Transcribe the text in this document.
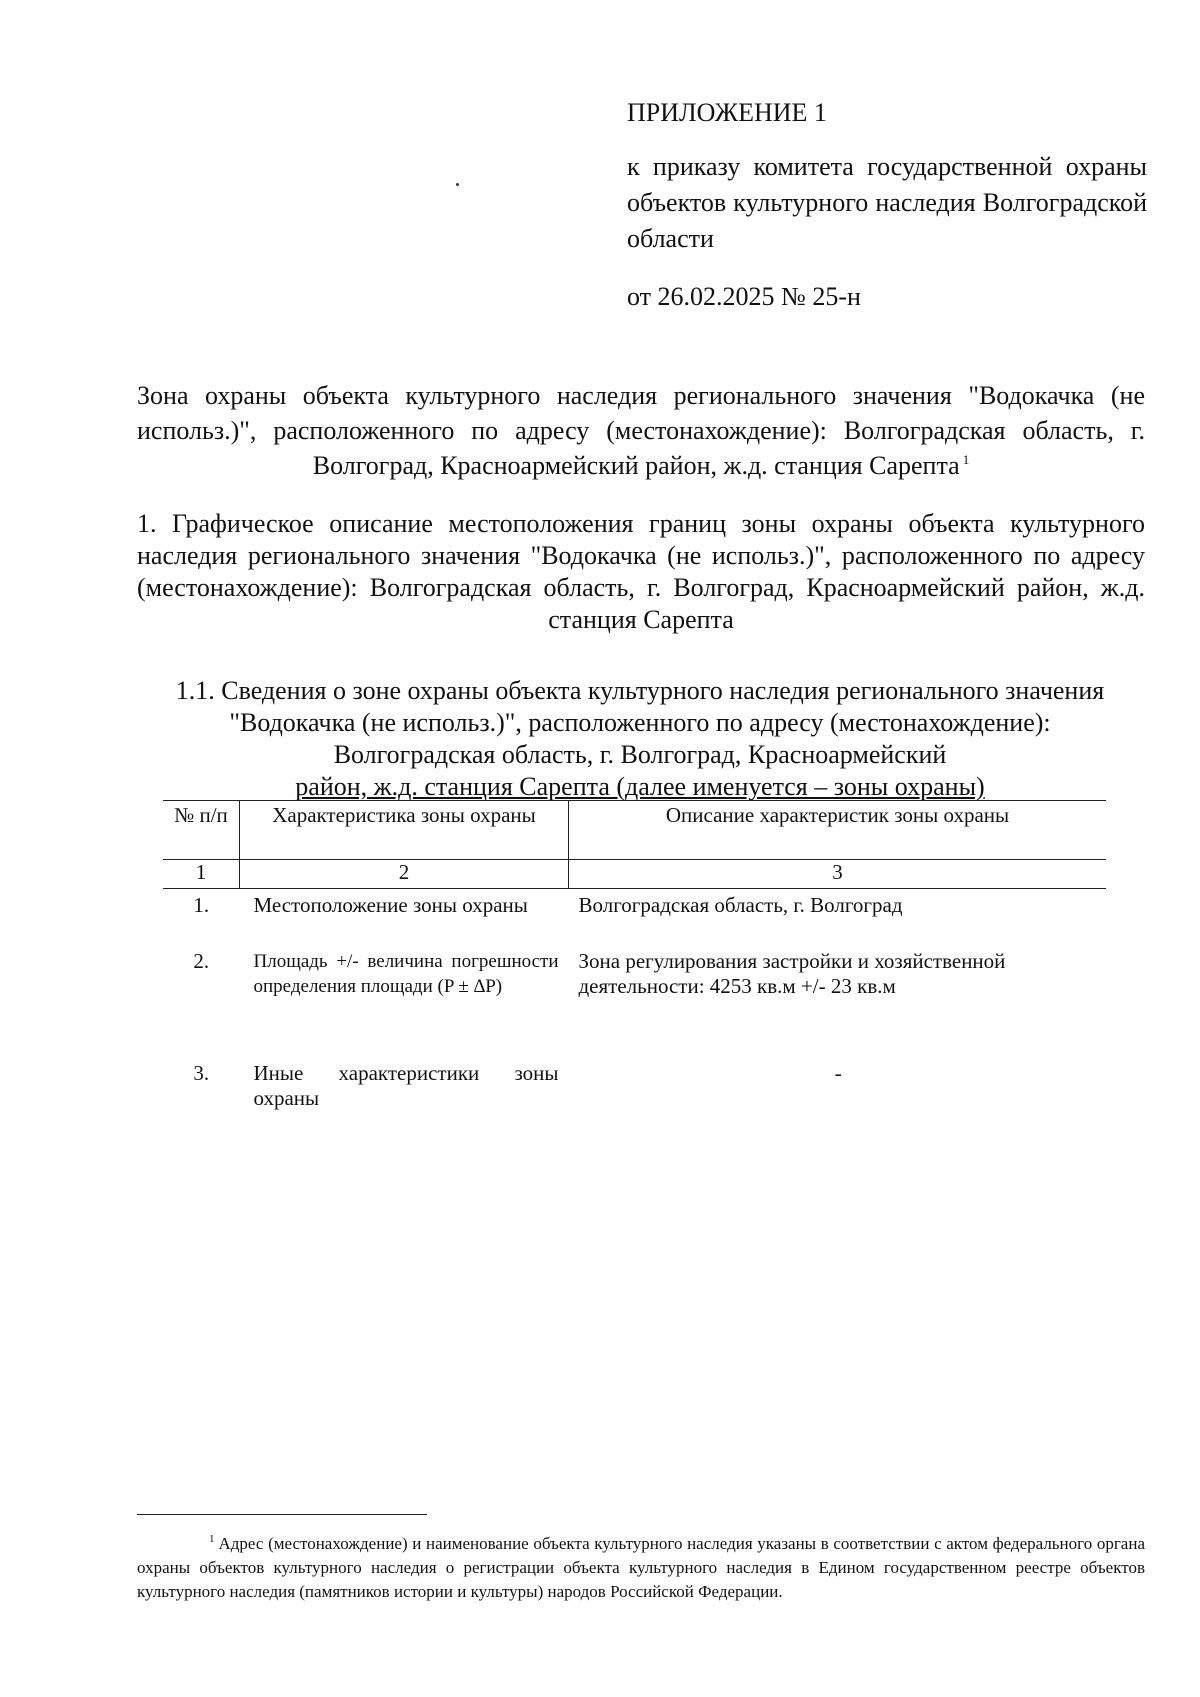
ПРИЛОЖЕНИЕ 1
к приказу комитета государственной охраны объектов культурного наследия Волгоградской области
от 26.02.2025 № 25-н
Зона охраны объекта культурного наследия регионального значения "Водокачка (не использ.)", расположенного по адресу (местонахождение): Волгоградская область, г. Волгоград, Красноармейский район, ж.д. станция Сарепта $^1$
1. Графическое описание местоположения границ зоны охраны объекта культурного наследия регионального значения "Водокачка (не использ.)", расположенного по адресу (местонахождение): Волгоградская область, г. Волгоград, Красноармейский район, ж.д. станция Сарепта
1.1. Сведения о зоне охраны объекта культурного наследия регионального значения "Водокачка (не использ.)", расположенного по адресу (местонахождение): Волгоградская область, г. Волгоград, Красноармейский
район, ж.д. станция Сарепта (далее именуется – зоны охраны)
№ п/п	Характеристика зоны охраны	Описание характеристик зоны охраны
1	2	3
1.	Местоположение зоны охраны	Волгоградская область, г. Волгоград
2.	Площадь +/- величина погрешности определения площади (P ± ∆P)	Зона регулирования застройки и хозяйственной деятельности: 4253 кв.м +/- 23 кв.м
3.	Иные характеристики зоны охраны	-
$^1$ Адрес (местонахождение) и наименование объекта культурного наследия указаны в соответствии с актом федерального органа охраны объектов культурного наследия о регистрации объекта культурного наследия в Едином государственном реестре объектов культурного наследия (памятников истории и культуры) народов Российской Федерации.
